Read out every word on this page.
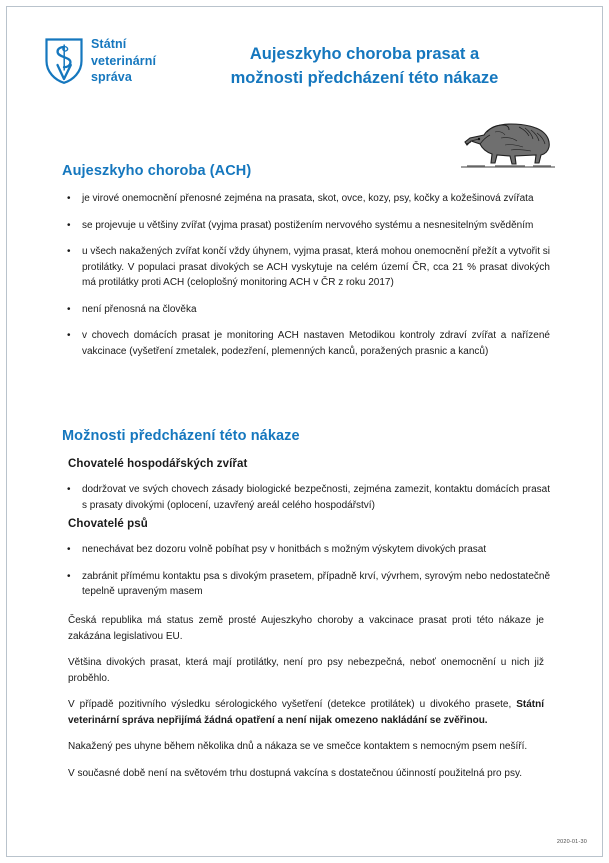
Státní
veterinární
správa
Aujeszkyho choroba prasat a
možnosti předcházení této nákaze
Aujeszkyho choroba (ACH)
• je virové onemocnění přenosné zejména na prasata, skot, ovce, kozy, psy, kočky a kožešinová zvířata
• se projevuje u většiny zvířat (vyjma prasat) postižením nervového systému a nesnesitelným svěděním
• u všech nakažených zvířat končí vždy úhynem, vyjma prasat, která mohou onemocnění přežít a vytvořit si protilátky. V populaci prasat divokých se ACH vyskytuje na celém území ČR, cca 21 % prasat divokých má protilátky proti ACH (celoplošný monitoring ACH v ČR z roku 2017)
• není přenosná na člověka
• v chovech domácích prasat je monitoring ACH nastaven Metodikou kontroly zdraví zvířat a nařízené vakcinace (vyšetření zmetalek, podezření, plemenných kanců, poražených prasnic a kanců)
Možnosti předcházení této nákaze
Chovatelé hospodářských zvířat
• dodržovat ve svých chovech zásady biologické bezpečnosti, zejména zamezit, kontaktu domácích prasat s prasaty divokými (oplocení, uzavřený areál celého hospodářství)
Chovatelé psů
• nenechávat bez dozoru volně pobíhat psy v honitbách s možným výskytem divokých prasat
• zabránit přímému kontaktu psa s divokým prasetem, případně krví, vývrhem, syrovým nebo nedostatečně tepelně upraveným masem

Česká republika má status země prosté Aujeszkyho choroby a vakcinace prasat proti této nákaze je zakázána legislativou EU.

Většina divokých prasat, která mají protilátky, není pro psy nebezpečná, neboť onemocnění u nich již proběhlo.

V případě pozitivního výsledku sérologického vyšetření (detekce protilátek) u divokého prasete, Státní veterinární správa nepřijímá žádná opatření a není nijak omezeno nakládání se zvěřinou.

Nakažený pes uhyne během několika dnů a nákaza se ve smečce kontaktem s nemocným psem nešíří.

V současné době není na světovém trhu dostupná vakcína s dostatečnou účinností použitelná pro psy.

2020-01-30
